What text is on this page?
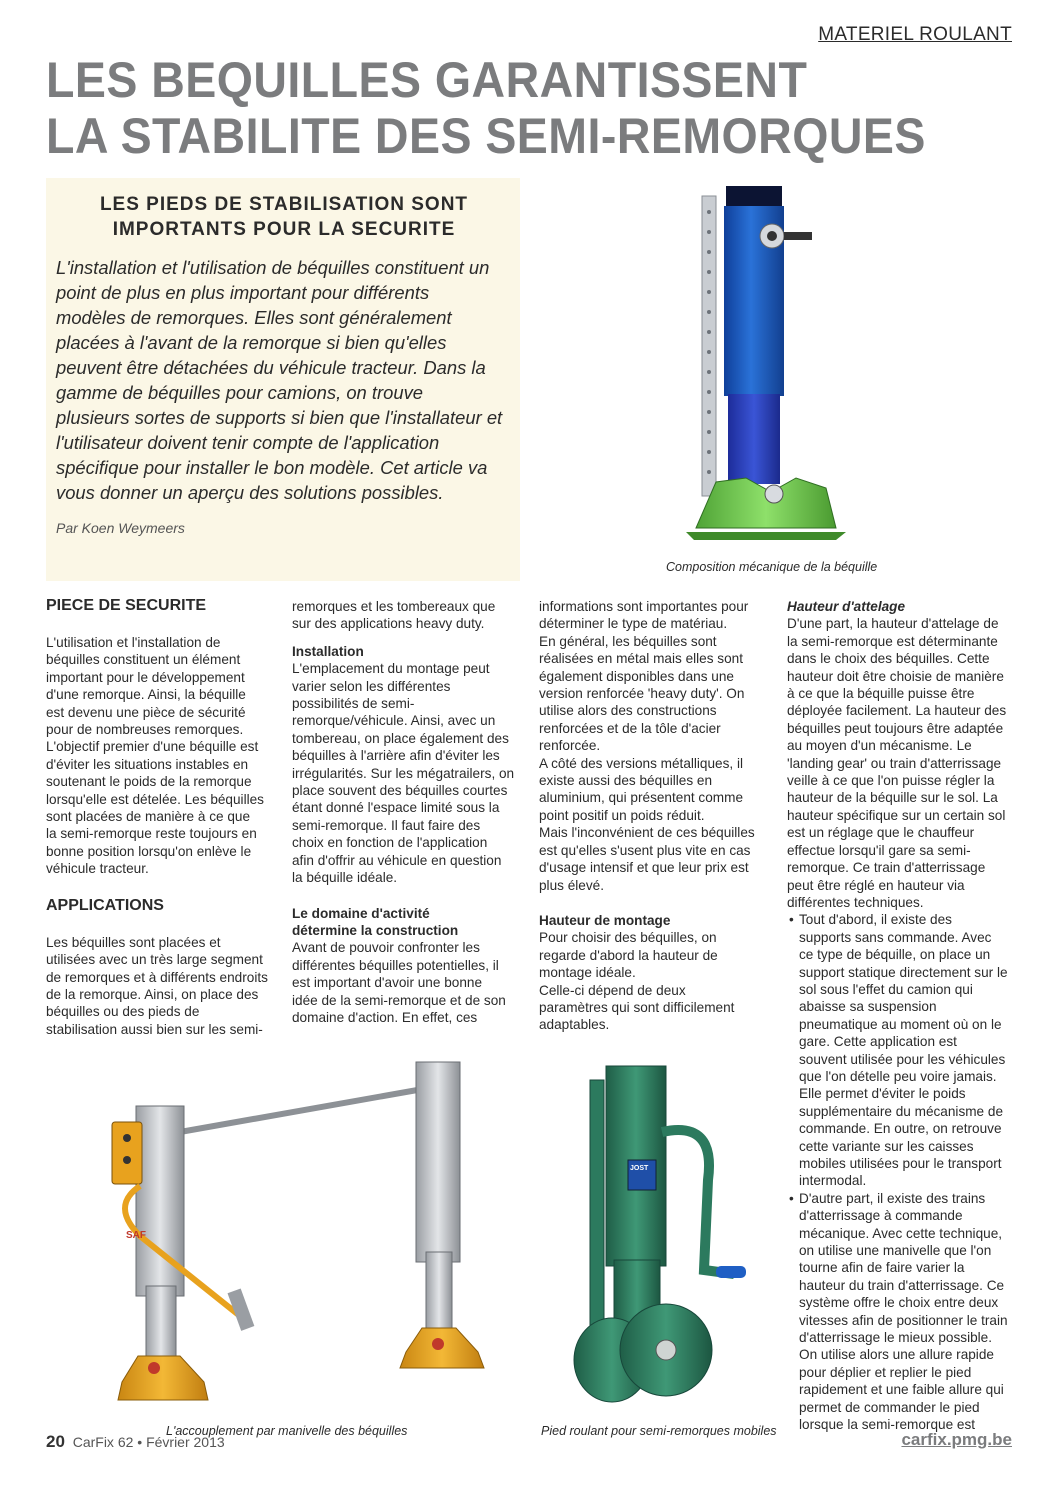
MATERIEL ROULANT
LES BEQUILLES GARANTISSENT
LA STABILITE DES SEMI-REMORQUES
LES PIEDS DE STABILISATION SONT
IMPORTANTS POUR LA SECURITE
L'installation et l'utilisation de béquilles constituent un
point de plus en plus important pour différents
modèles de remorques. Elles sont généralement
placées à l'avant de la remorque si bien qu'elles
peuvent être détachées du véhicule tracteur. Dans la
gamme de béquilles pour camions, on trouve
plusieurs sortes de supports si bien que l'installateur et
l'utilisateur doivent tenir compte de l'application
spécifique pour installer le bon modèle. Cet article va
vous donner un aperçu des solutions possibles.
Par Koen Weymeers
Composition mécanique de la béquille
PIECE DE SECURITE

L'utilisation et l'installation de
béquilles constituent un élément
important pour le développement
d'une remorque. Ainsi, la béquille
est devenu une pièce de sécurité
pour de nombreuses remorques.
L'objectif premier d'une béquille est
d'éviter les situations instables en
soutenant le poids de la remorque
lorsqu'elle est dételée. Les béquilles
sont placées de manière à ce que
la semi-remorque reste toujours en
bonne position lorsqu'on enlève le
véhicule tracteur.

APPLICATIONS

Les béquilles sont placées et
utilisées avec un très large segment
de remorques et à différents endroits
de la remorque. Ainsi, on place des
béquilles ou des pieds de
stabilisation aussi bien sur les semi-

remorques et les tombereaux que
sur des applications heavy duty.

Installation

L'emplacement du montage peut
varier selon les différentes
possibilités de semi-
remorque/véhicule. Ainsi, avec un
tombereau, on place également des
béquilles à l'arrière afin d'éviter les
irrégularités. Sur les mégatrailers, on
place souvent des béquilles courtes
étant donné l'espace limité sous la
semi-remorque. Il faut faire des
choix en fonction de l'application
afin d'offrir au véhicule en question
la béquille idéale.

Le domaine d'activité
détermine la construction

Avant de pouvoir confronter les
différentes béquilles potentielles, il
est important d'avoir une bonne
idée de la semi-remorque et de son
domaine d'action. En effet, ces

informations sont importantes pour
déterminer le type de matériau.
En général, les béquilles sont
réalisées en métal mais elles sont
également disponibles dans une
version renforcée 'heavy duty'. On
utilise alors des constructions
renforcées et de la tôle d'acier
renforcée.
A côté des versions métalliques, il
existe aussi des béquilles en
aluminium, qui présentent comme
point positif un poids réduit.
Mais l'inconvénient de ces béquilles
est qu'elles s'usent plus vite en cas
d'usage intensif et que leur prix est
plus élevé.

Hauteur de montage

Pour choisir des béquilles, on
regarde d'abord la hauteur de
montage idéale.
Celle-ci dépend de deux
paramètres qui sont difficilement
adaptables.

Hauteur d'attelage

D'une part, la hauteur d'attelage de
la semi-remorque est déterminante
dans le choix des béquilles. Cette
hauteur doit être choisie de manière
à ce que la béquille puisse être
déployée facilement. La hauteur des
béquilles peut toujours être adaptée
au moyen d'un mécanisme. Le
'landing gear' ou train d'atterrissage
veille à ce que l'on puisse régler la
hauteur de la béquille sur le sol. La
hauteur spécifique sur un certain sol
est un réglage que le chauffeur
effectue lorsqu'il gare sa semi-
remorque. Ce train d'atterrissage
peut être réglé en hauteur via
différentes techniques.

• Tout d'abord, il existe des
supports sans commande. Avec
ce type de béquille, on place un
support statique directement sur le
sol sous l'effet du camion qui
abaisse sa suspension
pneumatique au moment où on le
gare. Cette application est
souvent utilisée pour les véhicules
que l'on dételle peu voire jamais.
Elle permet d'éviter le poids
supplémentaire du mécanisme de
commande. En outre, on retrouve
cette variante sur les caisses
mobiles utilisées pour le transport
intermodal.
• D'autre part, il existe des trains
d'atterrissage à commande
mécanique. Avec cette technique,
on utilise une manivelle que l'on
tourne afin de faire varier la
hauteur du train d'atterrissage. Ce
système offre le choix entre deux
vitesses afin de positionner le train
d'atterrissage le mieux possible.
On utilise alors une allure rapide
pour déplier et replier le pied
rapidement et une faible allure qui
permet de commander le pied
lorsque la semi-remorque est
SAF
L'accouplement par manivelle des béquilles
JOST
Pied roulant pour semi-remorques mobiles
20 CarFix 62 • Février 2013	carfix.pmg.be
